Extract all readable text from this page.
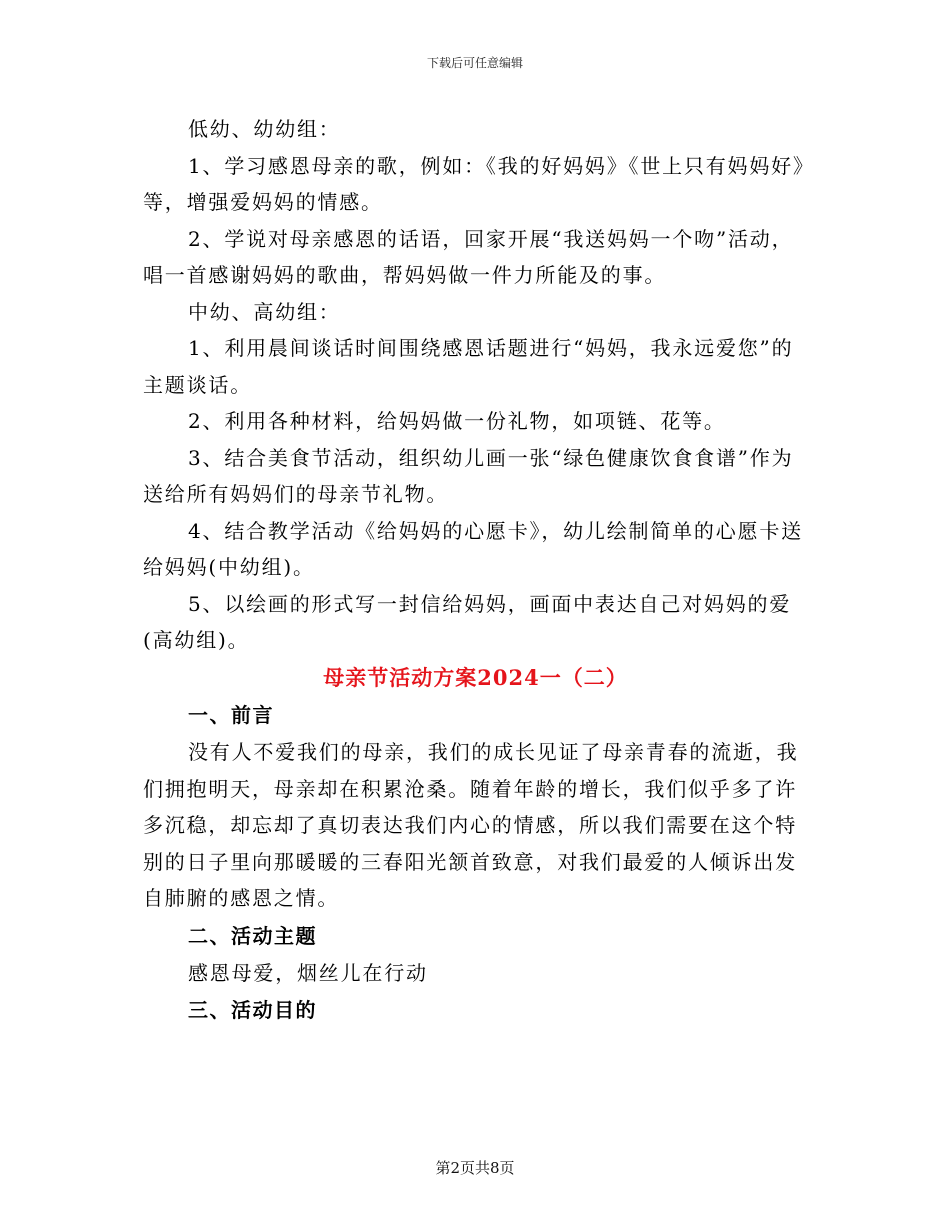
下载后可任意编辑

低幼、幼幼组：

1、学习感恩母亲的歌，例如：《我的好妈妈》《世上只有妈妈好》等，增强爱妈妈的情感。

2、学说对母亲感恩的话语，回家开展“我送妈妈一个吻”活动，唱一首感谢妈妈的歌曲，帮妈妈做一件力所能及的事。

中幼、高幼组：

1、利用晨间谈话时间围绕感恩话题进行“妈妈，我永远爱您”的主题谈话。

2、利用各种材料，给妈妈做一份礼物，如项链、花等。

3、结合美食节活动，组织幼儿画一张“绿色健康饮食食谱”作为送给所有妈妈们的母亲节礼物。

4、结合教学活动《给妈妈的心愿卡》，幼儿绘制简单的心愿卡送给妈妈(中幼组)。

5、以绘画的形式写一封信给妈妈，画面中表达自己对妈妈的爱(高幼组)。

母亲节活动方案2024一（二）

一、前言

没有人不爱我们的母亲，我们的成长见证了母亲青春的流逝，我们拥抱明天，母亲却在积累沧桑。随着年龄的增长，我们似乎多了许多沉稳，却忘却了真切表达我们内心的情感，所以我们需要在这个特别的日子里向那暖暖的三春阳光颔首致意，对我们最爱的人倾诉出发自肺腑的感恩之情。

二、活动主题

感恩母爱，烟丝儿在行动

三、活动目的

第2页共8页
